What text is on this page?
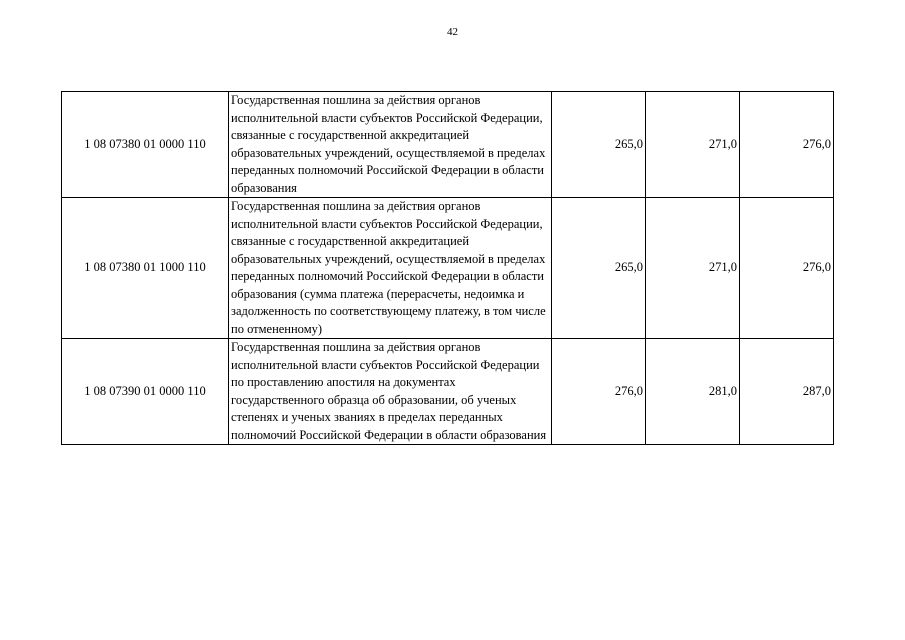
42
1 08 07380 01 0000 110	Государственная пошлина за действия органов исполнительной власти субъектов Российской Федерации, связанные с государственной аккредитацией образовательных учреждений, осуществляемой в пределах переданных полномочий Российской Федерации в области образования	265,0	271,0	276,0
1 08 07380 01 1000 110	Государственная пошлина за действия органов исполнительной власти субъектов Российской Федерации, связанные с государственной аккредитацией образовательных учреждений, осуществляемой в пределах переданных полномочий Российской Федерации в области образования (сумма платежа (перерасчеты, недоимка и задолженность по соответствующему платежу, в том числе по отмененному)	265,0	271,0	276,0
1 08 07390 01 0000 110	Государственная пошлина за действия органов исполнительной власти субъектов Российской Федерации по проставлению апостиля на документах государственного образца об образовании, об ученых степенях и ученых званиях в пределах переданных полномочий Российской Федерации в области образования	276,0	281,0	287,0
